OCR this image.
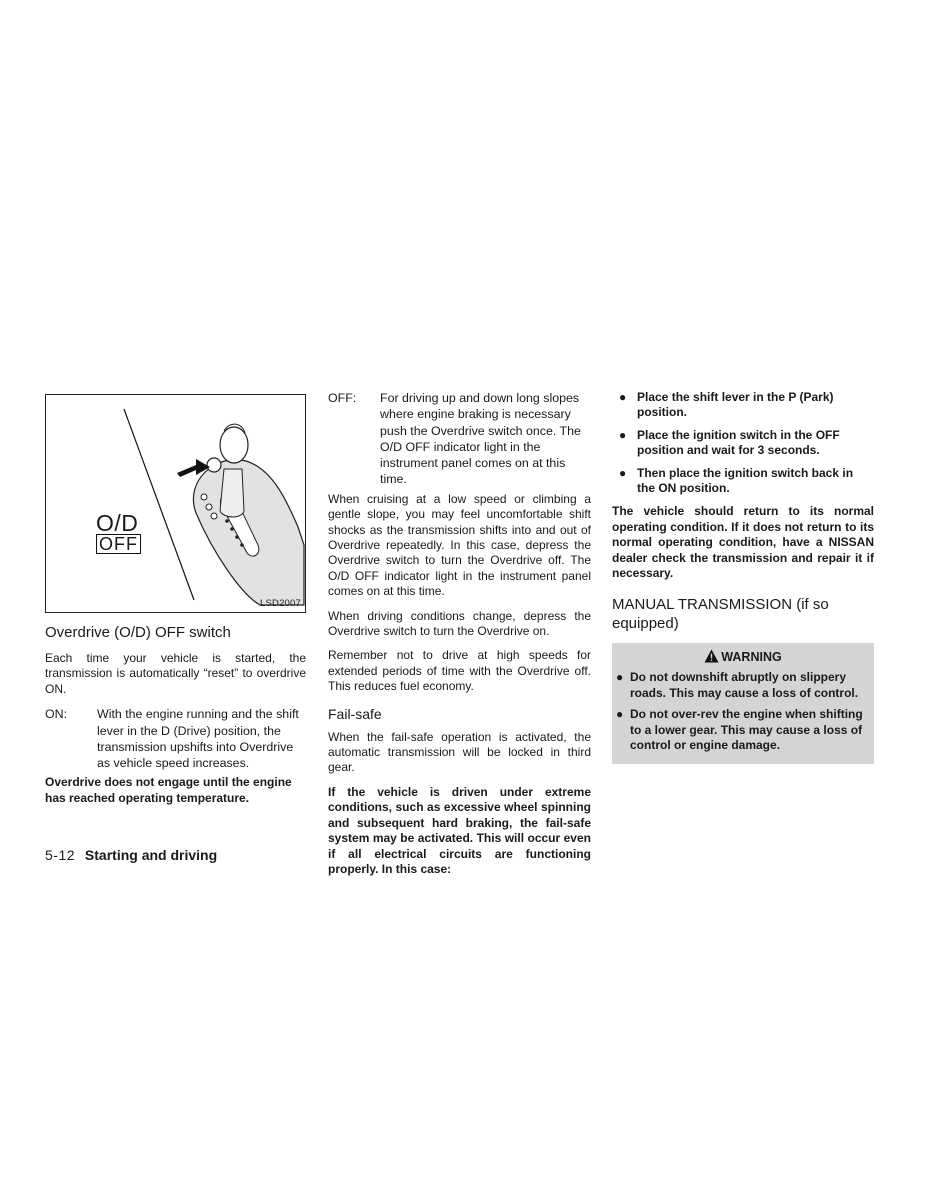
O/D
OFF
LSD2007
Overdrive (O/D) OFF switch

Each time your vehicle is started, the transmission is automatically “reset” to overdrive ON.

ON:	With the engine running and the shift lever in the D (Drive) position, the transmission upshifts into Overdrive as vehicle speed increases.

Overdrive does not engage until the engine has reached operating temperature.

OFF:	For driving up and down long slopes where engine braking is necessary push the Overdrive switch once. The O/D OFF indicator light in the instrument panel comes on at this time.

When cruising at a low speed or climbing a gentle slope, you may feel uncomfortable shift shocks as the transmission shifts into and out of Overdrive repeatedly. In this case, depress the Overdrive switch to turn the Overdrive off. The O/D OFF indicator light in the instrument panel comes on at this time.

When driving conditions change, depress the Overdrive switch to turn the Overdrive on.

Remember not to drive at high speeds for extended periods of time with the Overdrive off. This reduces fuel economy.

Fail-safe

When the fail-safe operation is activated, the automatic transmission will be locked in third gear.

If the vehicle is driven under extreme conditions, such as excessive wheel spinning and subsequent hard braking, the fail-safe system may be activated. This will occur even if all electrical circuits are functioning properly. In this case:

● Place the shift lever in the P (Park) position.
● Place the ignition switch in the OFF position and wait for 3 seconds.
● Then place the ignition switch back in the ON position.

The vehicle should return to its normal operating condition. If it does not return to its normal operating condition, have a NISSAN dealer check the transmission and repair it if necessary.

MANUAL TRANSMISSION (if so equipped)
WARNING
● Do not downshift abruptly on slippery roads. This may cause a loss of control.
● Do not over-rev the engine when shifting to a lower gear. This may cause a loss of control or engine damage.
5-12 Starting and driving
